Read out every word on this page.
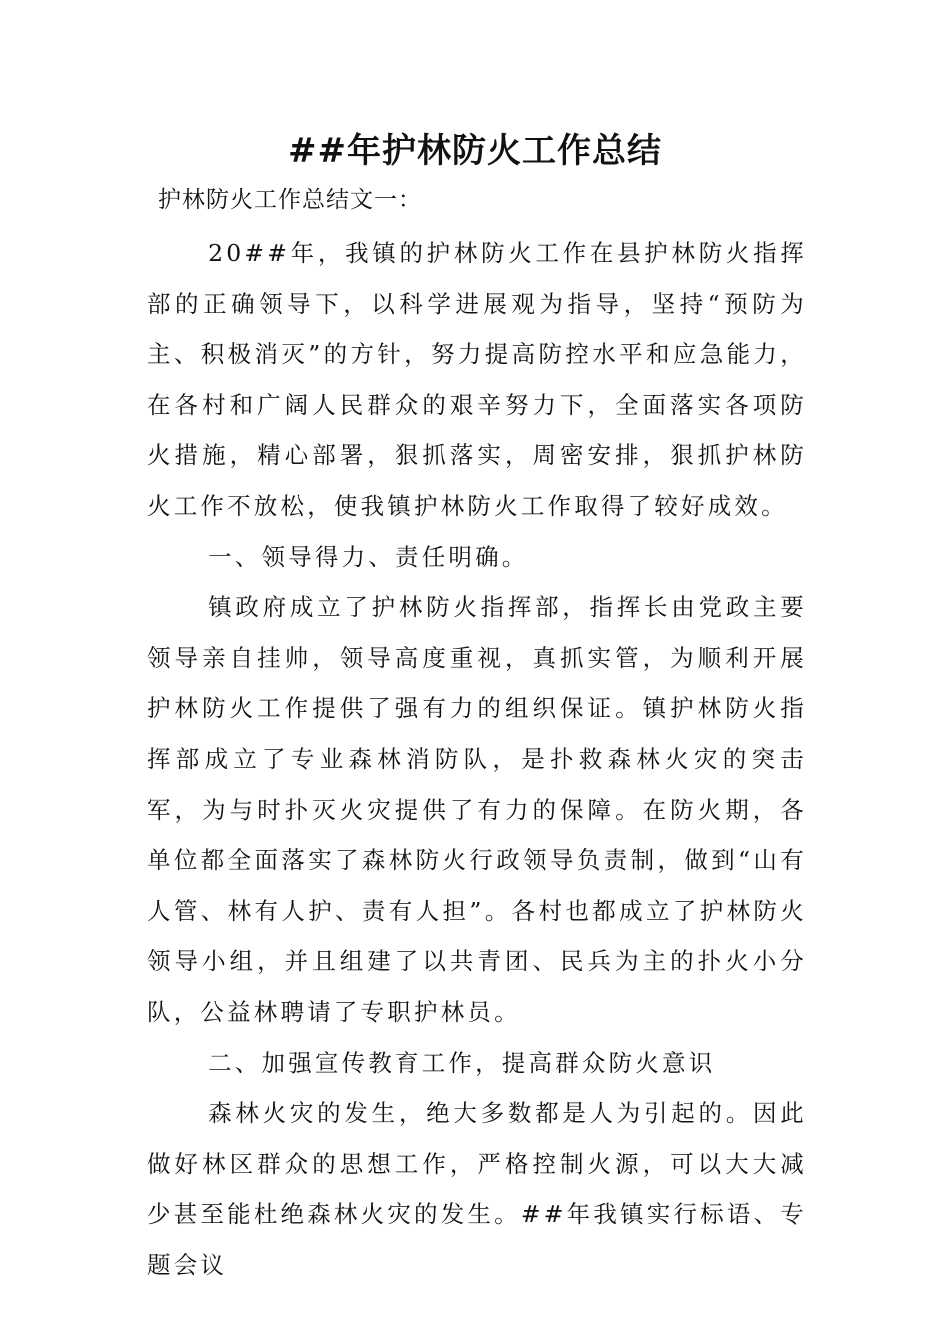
##年护林防火工作总结

护林防火工作总结文一：

20##年，我镇的护林防火工作在县护林防火指挥部的正确领导下，以科学进展观为指导，坚持“预防为主、积极消灭”的方针，努力提高防控水平和应急能力，在各村和广阔人民群众的艰辛努力下，全面落实各项防火措施，精心部署，狠抓落实，周密安排，狠抓护林防火工作不放松，使我镇护林防火工作取得了较好成效。

一、领导得力、责任明确。

镇政府成立了护林防火指挥部，指挥长由党政主要领导亲自挂帅，领导高度重视，真抓实管，为顺利开展护林防火工作提供了强有力的组织保证。镇护林防火指挥部成立了专业森林消防队，是扑救森林火灾的突击军，为与时扑灭火灾提供了有力的保障。在防火期，各单位都全面落实了森林防火行政领导负责制，做到“山有人管、林有人护、责有人担”。各村也都成立了护林防火领导小组，并且组建了以共青团、民兵为主的扑火小分队，公益林聘请了专职护林员。

二、加强宣传教育工作，提高群众防火意识

森林火灾的发生，绝大多数都是人为引起的。因此做好林区群众的思想工作，严格控制火源，可以大大减少甚至能杜绝森林火灾的发生。##年我镇实行标语、专题会议
